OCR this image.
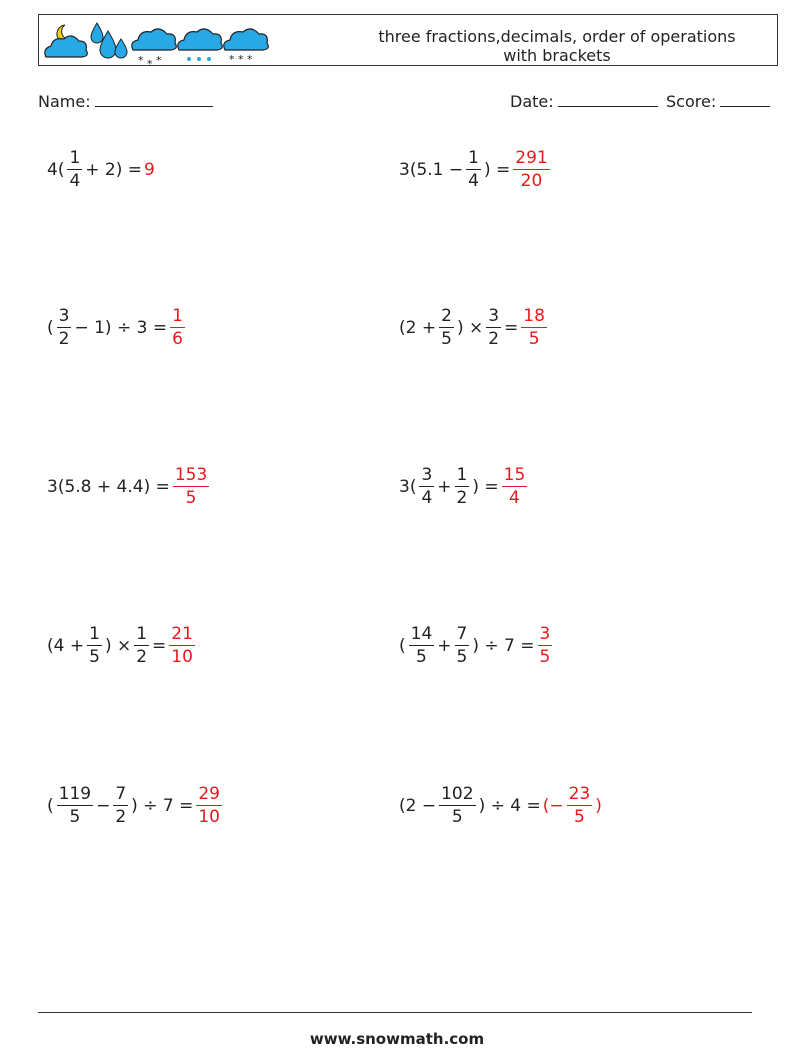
* ⁎ *	* * *
three fractions,decimals, order of operations
with brackets
Name:	Date:	Score:
$4( \frac{1}{4} + 2) = 9$	$3(5.1 - \frac{1}{4}$ ) = $\frac{291}{20}$
( $\frac{3}{2} - 1) \div 3 = \frac{1}{6}$	($2 + \frac{2}{5}$ ) × $\frac{3}{2} = \frac{18}{5}$
$3(5.8 + 4.4) = \frac{153}{5}$	$3( \frac{3}{4} + \frac{1}{2}$ ) = $\frac{15}{4}$
($4 + \frac{1}{5}$ ) × $\frac{1}{2} = \frac{21}{10}$	( $\frac{14}{5} + \frac{7}{5}$ ) ÷ $7 = \frac{3}{5}$
( $\frac{119}{5} - \frac{7}{2}$ ) ÷ $7 = \frac{29}{10}$	($2 - \frac{102}{5}$ ) ÷ 4 = (− $\frac{23}{5}$ )
www.snowmath.com
